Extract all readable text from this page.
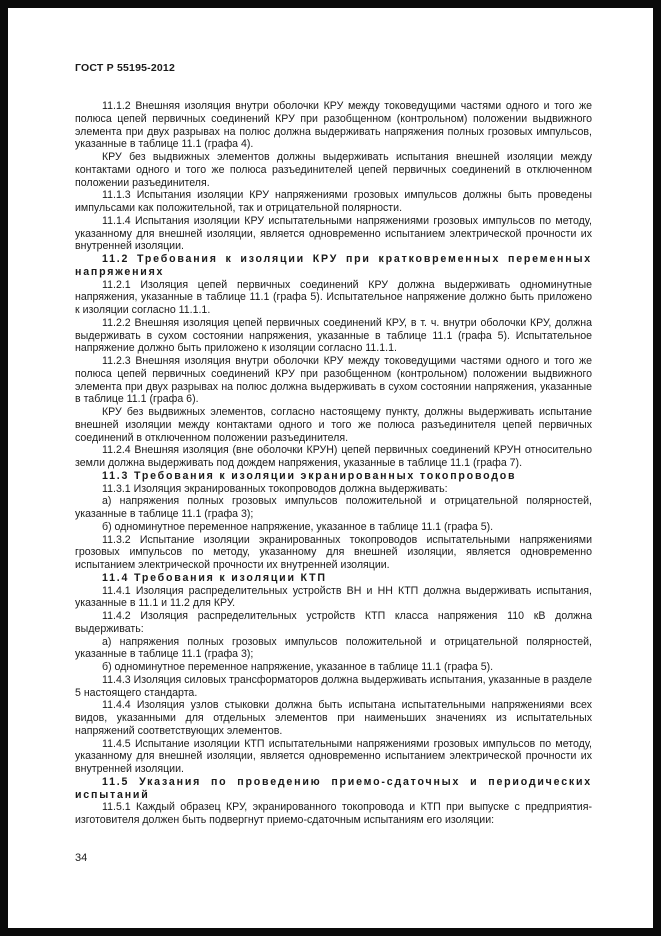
ГОСТ Р 55195-2012

11.1.2 Внешняя изоляция внутри оболочки КРУ между токоведущими частями одного и того же полюса цепей первичных соединений КРУ при разобщенном (контрольном) положении выдвижного элемента при двух разрывах на полюс должна выдерживать напряжения полных грозовых импульсов, указанные в таблице 11.1 (графа 4).

КРУ без выдвижных элементов должны выдерживать испытания внешней изоляции между контактами одного и того же полюса разъединителей цепей первичных соединений в отключенном положении разъединителя.

11.1.3 Испытания изоляции КРУ напряжениями грозовых импульсов должны быть проведены импульсами как положительной, так и отрицательной полярности.

11.1.4 Испытания изоляции КРУ испытательными напряжениями грозовых импульсов по методу, указанному для внешней изоляции, является одновременно испытанием электрической прочности их внутренней изоляции.

11.2 Требования к изоляции КРУ при кратковременных переменных напряжениях

11.2.1 Изоляция цепей первичных соединений КРУ должна выдерживать одноминутные напряжения, указанные в таблице 11.1 (графа 5). Испытательное напряжение должно быть приложено к изоляции согласно 11.1.1.

11.2.2 Внешняя изоляция цепей первичных соединений КРУ, в т. ч. внутри оболочки КРУ, должна выдерживать в сухом состоянии напряжения, указанные в таблице 11.1 (графа 5). Испытательное напряжение должно быть приложено к изоляции согласно 11.1.1.

11.2.3 Внешняя изоляция внутри оболочки КРУ между токоведущими частями одного и того же полюса цепей первичных соединений КРУ при разобщенном (контрольном) положении выдвижного элемента при двух разрывах на полюс должна выдерживать в сухом состоянии напряжения, указанные в таблице 11.1 (графа 6).

КРУ без выдвижных элементов, согласно настоящему пункту, должны выдерживать испытание внешней изоляции между контактами одного и того же полюса разъединителя цепей первичных соединений в отключенном положении разъединителя.

11.2.4 Внешняя изоляция (вне оболочки КРУН) цепей первичных соединений КРУН относительно земли должна выдерживать под дождем напряжения, указанные в таблице 11.1 (графа 7).

11.3 Требования к изоляции экранированных токопроводов

11.3.1 Изоляция экранированных токопроводов должна выдерживать:

а) напряжения полных грозовых импульсов положительной и отрицательной полярностей, указанные в таблице 11.1 (графа 3);

б) одноминутное переменное напряжение, указанное в таблице 11.1 (графа 5).

11.3.2 Испытание изоляции экранированных токопроводов испытательными напряжениями грозовых импульсов по методу, указанному для внешней изоляции, является одновременно испытанием электрической прочности их внутренней изоляции.

11.4 Требования к изоляции КТП

11.4.1 Изоляция распределительных устройств ВН и НН КТП должна выдерживать испытания, указанные в 11.1 и 11.2 для КРУ.

11.4.2 Изоляция распределительных устройств КТП класса напряжения 110 кВ должна выдерживать:

а) напряжения полных грозовых импульсов положительной и отрицательной полярностей, указанные в таблице 11.1 (графа 3);

б) одноминутное переменное напряжение, указанное в таблице 11.1 (графа 5).

11.4.3 Изоляция силовых трансформаторов должна выдерживать испытания, указанные в разделе 5 настоящего стандарта.

11.4.4 Изоляция узлов стыковки должна быть испытана испытательными напряжениями всех видов, указанными для отдельных элементов при наименьших значениях из испытательных напряжений соответствующих элементов.

11.4.5 Испытание изоляции КТП испытательными напряжениями грозовых импульсов по методу, указанному для внешней изоляции, является одновременно испытанием электрической прочности их внутренней изоляции.

11.5 Указания по проведению приемо-сдаточных и периодических испытаний

11.5.1 Каждый образец КРУ, экранированного токопровода и КТП при выпуске с предприятия-изготовителя должен быть подвергнут приемо-сдаточным испытаниям его изоляции:

34
